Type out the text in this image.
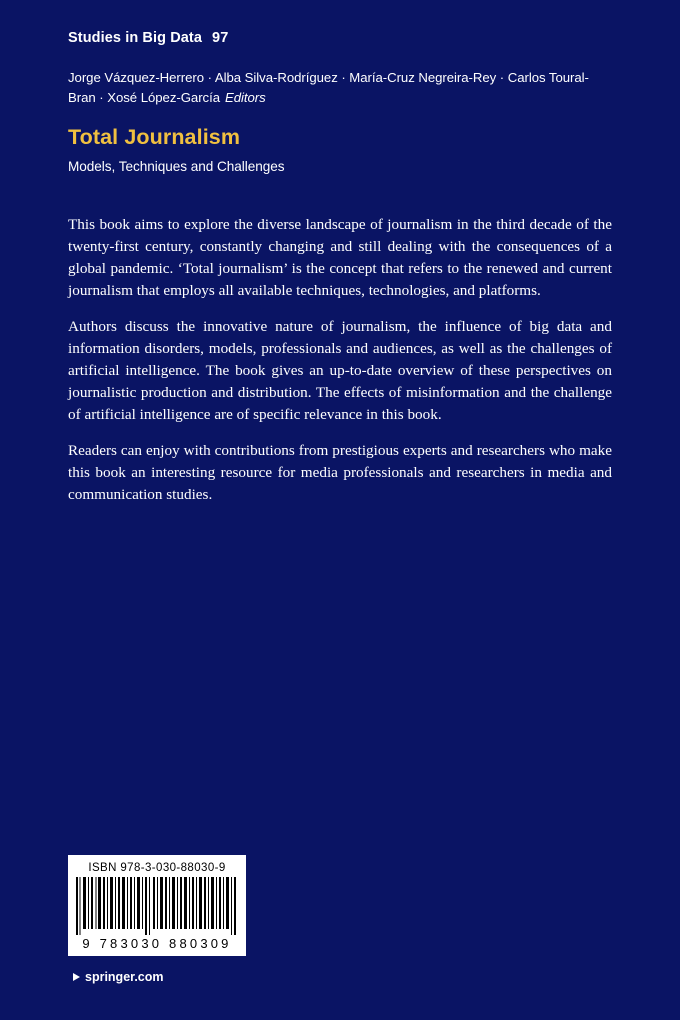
Studies in Big Data 97
Jorge Vázquez-Herrero · Alba Silva-Rodríguez · María-Cruz Negreira-Rey · Carlos Toural-Bran · Xosé López-García Editors
Total Journalism
Models, Techniques and Challenges

This book aims to explore the diverse landscape of journalism in the third decade of the twenty-first century, constantly changing and still dealing with the consequences of a global pandemic. ‘Total journalism’ is the concept that refers to the renewed and current journalism that employs all available techniques, technologies, and platforms.

Authors discuss the innovative nature of journalism, the influence of big data and information disorders, models, professionals and audiences, as well as the challenges of artificial intelligence. The book gives an up-to-date overview of these perspectives on journalistic production and distribution. The effects of misinformation and the challenge of artificial intelligence are of specific relevance in this book.

Readers can enjoy with contributions from prestigious experts and researchers who make this book an interesting resource for media professionals and researchers in media and communication studies.

ISBN 978-3-030-88030-9
9 783030 880309
springer.com
